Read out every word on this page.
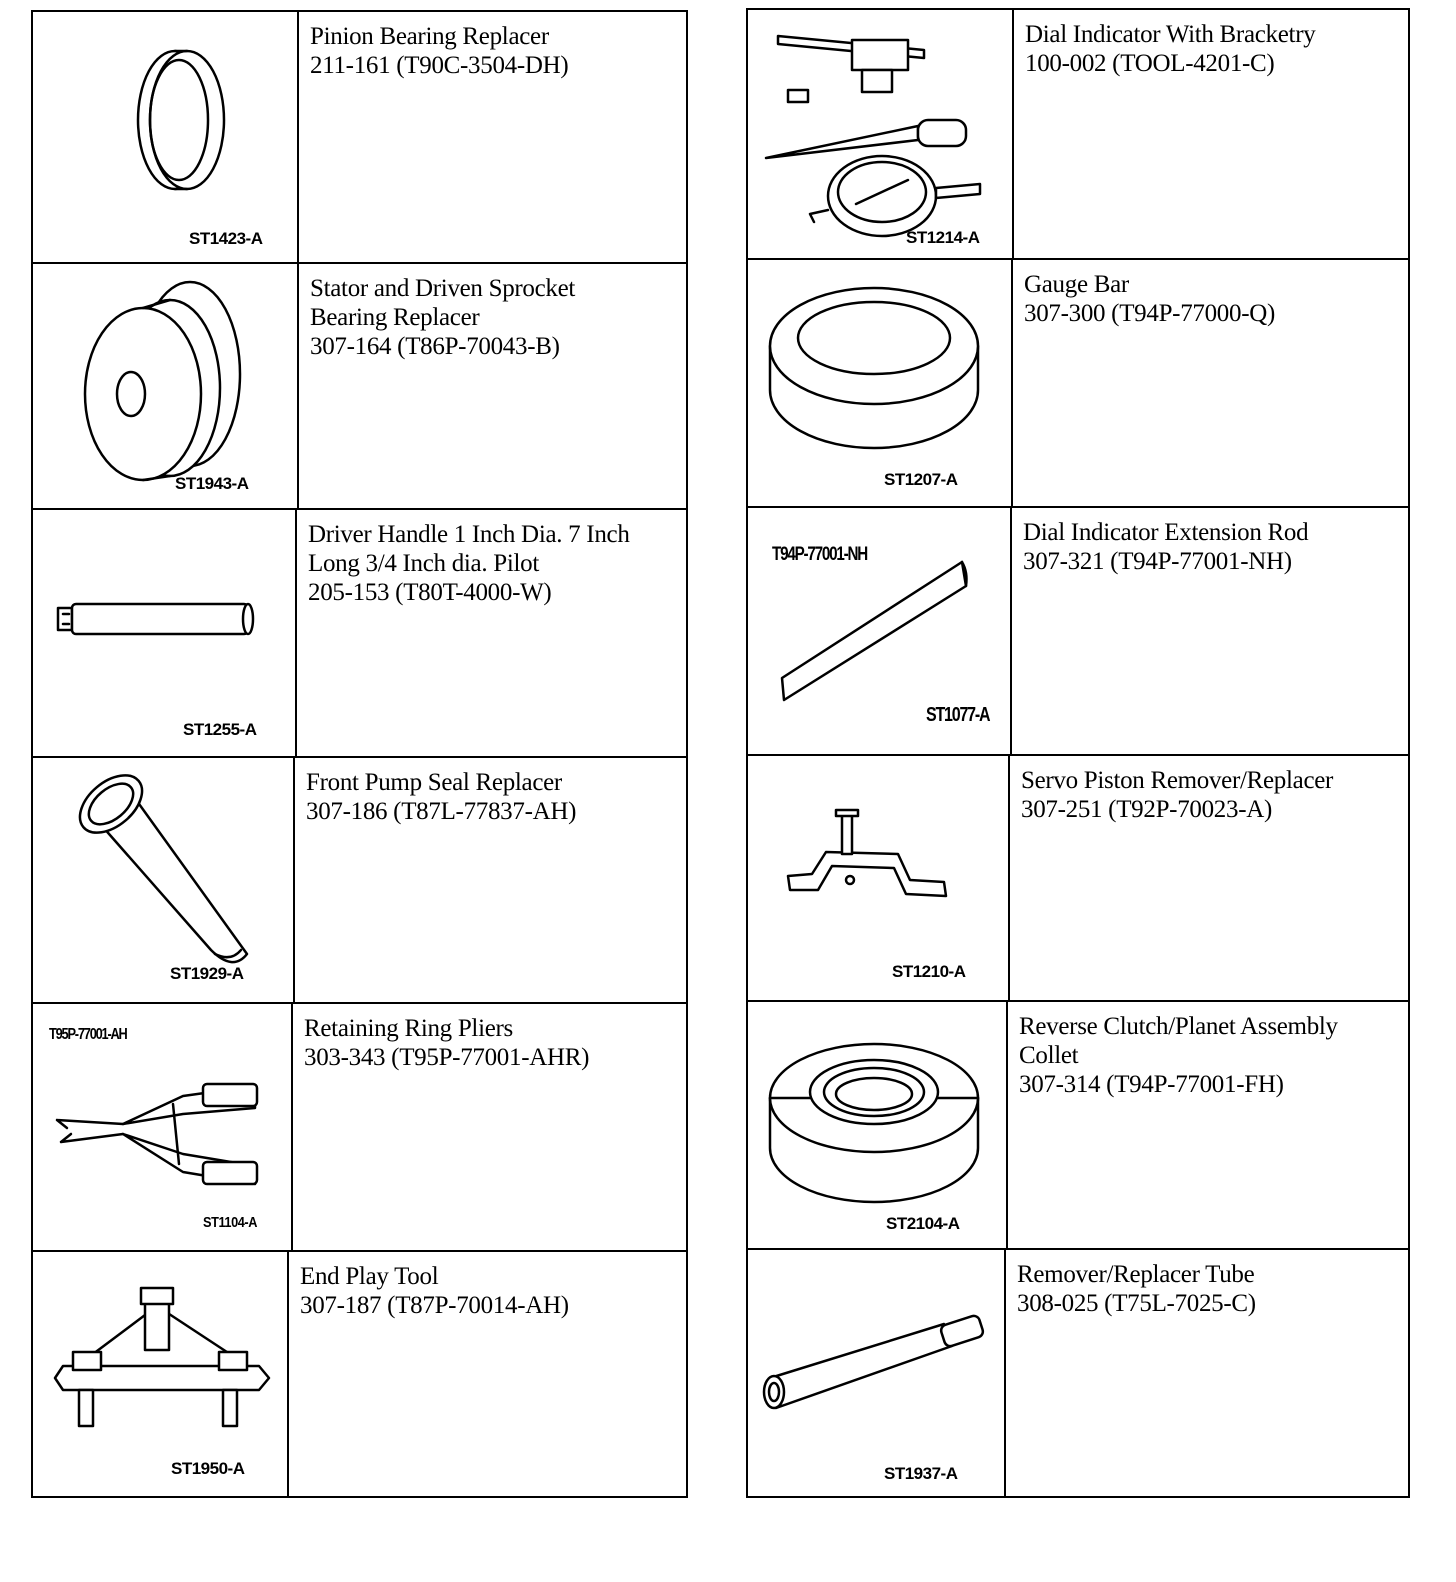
ST1423-A
Pinion Bearing Replacer
211-161 (T90C-3504-DH)
ST1943-A
Stator and Driven Sprocket
Bearing Replacer
307-164 (T86P-70043-B)
ST1255-A
Driver Handle 1 Inch Dia. 7 Inch
Long 3/4 Inch dia. Pilot
205-153 (T80T-4000-W)
ST1929-A
Front Pump Seal Replacer
307-186 (T87L-77837-AH)
T95P-77001-AH
ST1104-A
Retaining Ring Pliers
303-343 (T95P-77001-AHR)
ST1950-A
End Play Tool
307-187 (T87P-70014-AH)
ST1214-A
Dial Indicator With Bracketry
100-002 (TOOL-4201-C)
ST1207-A
Gauge Bar
307-300 (T94P-77000-Q)
T94P-77001-NH
ST1077-A
Dial Indicator Extension Rod
307-321 (T94P-77001-NH)
ST1210-A
Servo Piston Remover/Replacer
307-251 (T92P-70023-A)
ST2104-A
Reverse Clutch/Planet Assembly
Collet
307-314 (T94P-77001-FH)
ST1937-A
Remover/Replacer Tube
308-025 (T75L-7025-C)
